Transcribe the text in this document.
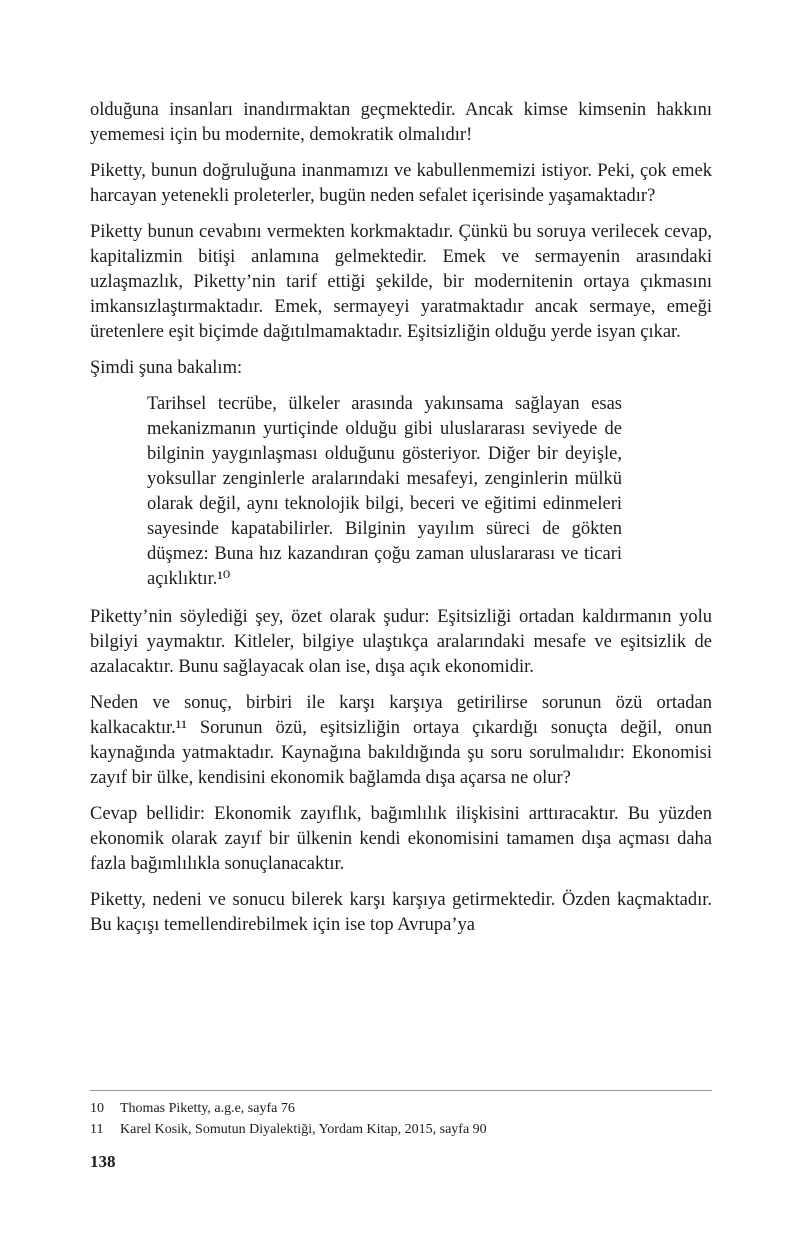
olduğuna insanları inandırmaktan geçmektedir. Ancak kimse kimsenin hakkını yememesi için bu modernite, demokratik olmalıdır!

Piketty, bunun doğruluğuna inanmamızı ve kabullenmemizi istiyor. Peki, çok emek harcayan yetenekli proleterler, bugün neden sefalet içerisinde yaşamaktadır?

Piketty bunun cevabını vermekten korkmaktadır. Çünkü bu soruya verilecek cevap, kapitalizmin bitişi anlamına gelmektedir. Emek ve sermayenin arasındaki uzlaşmazlık, Piketty’nin tarif ettiği şekilde, bir modernitenin ortaya çıkmasını imkansızlaştırmaktadır. Emek, sermayeyi yaratmaktadır ancak sermaye, emeği üretenlere eşit biçimde dağıtılmamaktadır. Eşitsizliğin olduğu yerde isyan çıkar.

Şimdi şuna bakalım:

Tarihsel tecrübe, ülkeler arasında yakınsama sağlayan esas mekanizmanın yurtiçinde olduğu gibi uluslararası seviyede de bilginin yaygınlaşması olduğunu gösteriyor. Diğer bir deyişle, yoksullar zenginlerle aralarındaki mesafeyi, zenginlerin mülkü olarak değil, aynı teknolojik bilgi, beceri ve eğitimi edinmeleri sayesinde kapatabilirler. Bilginin yayılım süreci de gökten düşmez: Buna hız kazandıran çoğu zaman uluslararası ve ticari açıklıktır.¹⁰

Piketty’nin söylediği şey, özet olarak şudur: Eşitsizliği ortadan kaldırmanın yolu bilgiyi yaymaktır. Kitleler, bilgiye ulaştıkça aralarındaki mesafe ve eşitsizlik de azalacaktır. Bunu sağlayacak olan ise, dışa açık ekonomidir.

Neden ve sonuç, birbiri ile karşı karşıya getirilirse sorunun özü ortadan kalkacaktır.¹¹ Sorunun özü, eşitsizliğin ortaya çıkardığı sonuçta değil, onun kaynağında yatmaktadır. Kaynağına bakıldığında şu soru sorulmalıdır: Ekonomisi zayıf bir ülke, kendisini ekonomik bağlamda dışa açarsa ne olur?

Cevap bellidir: Ekonomik zayıflık, bağımlılık ilişkisini arttıracaktır. Bu yüzden ekonomik olarak zayıf bir ülkenin kendi ekonomisini tamamen dışa açması daha fazla bağımlılıkla sonuçlanacaktır.

Piketty, nedeni ve sonucu bilerek karşı karşıya getirmektedir. Özden kaçmaktadır. Bu kaçışı temellendirebilmek için ise top Avrupa’ya

10	Thomas Piketty, a.g.e, sayfa 76
11	Karel Kosik, Somutun Diyalektiği, Yordam Kitap, 2015, sayfa 90
138
